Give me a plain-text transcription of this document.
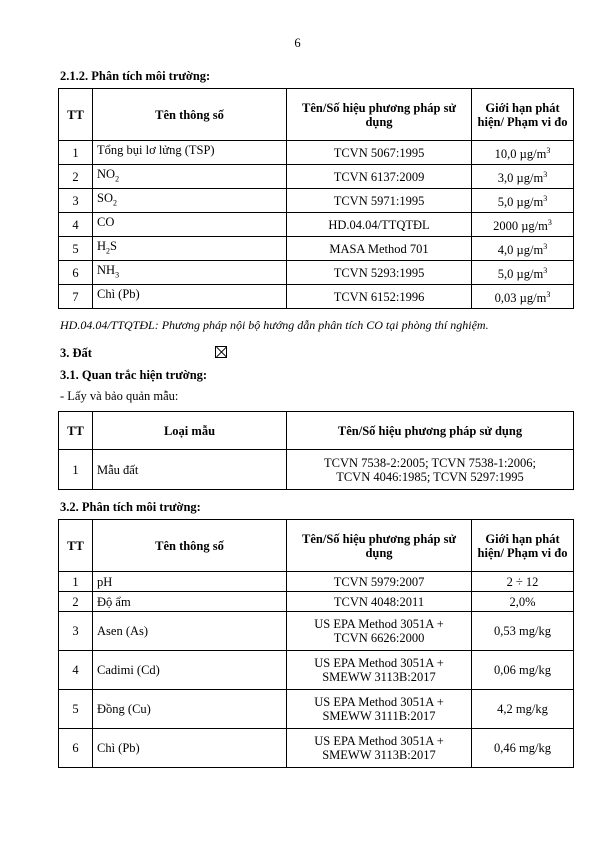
6
2.1.2. Phân tích môi trường:
TT	Tên thông số	Tên/Số hiệu phương pháp sử dụng	Giới hạn phát hiện/ Phạm vi đo
1	Tổng bụi lơ lửng (TSP)	TCVN 5067:1995	10,0 $\mu g/m^3$
2	$NO_2$	TCVN 6137:2009	3,0 $\mu g/m^3$
3	$SO_2$	TCVN 5971:1995	5,0 $\mu g/m^3$
4	CO	HD.04.04/TTQTĐL	2000 $\mu g/m^3$
5	$H_2S$	MASA Method 701	4,0 $\mu g/m^3$
6	$NH_3$	TCVN 5293:1995	5,0 $\mu g/m^3$
7	Chì (Pb)	TCVN 6152:1996	0,03 $\mu g/m^3$
HD.04.04/TTQTĐL: Phương pháp nội bộ hướng dẫn phân tích CO tại phòng thí nghiệm.
3. Đất
3.1. Quan trắc hiện trường:
- Lấy và bảo quản mẫu:
TT	Loại mẫu	Tên/Số hiệu phương pháp sử dụng
1	Mẫu đất	TCVN 7538-2:2005; TCVN 7538-1:2006;
TCVN 4046:1985; TCVN 5297:1995
3.2. Phân tích môi trường:
TT	Tên thông số	Tên/Số hiệu phương pháp sử dụng	Giới hạn phát hiện/ Phạm vi đo
1	pH	TCVN 5979:2007	2 ÷ 12
2	Độ ẩm	TCVN 4048:2011	2,0%
3	Asen (As)	US EPA Method 3051A +
TCVN 6626:2000	0,53 mg/kg
4	Cadimi (Cd)	US EPA Method 3051A +
SMEWW 3113B:2017	0,06 mg/kg
5	Đồng (Cu)	US EPA Method 3051A +
SMEWW 3111B:2017	4,2 mg/kg
6	Chì (Pb)	US EPA Method 3051A +
SMEWW 3113B:2017	0,46 mg/kg
